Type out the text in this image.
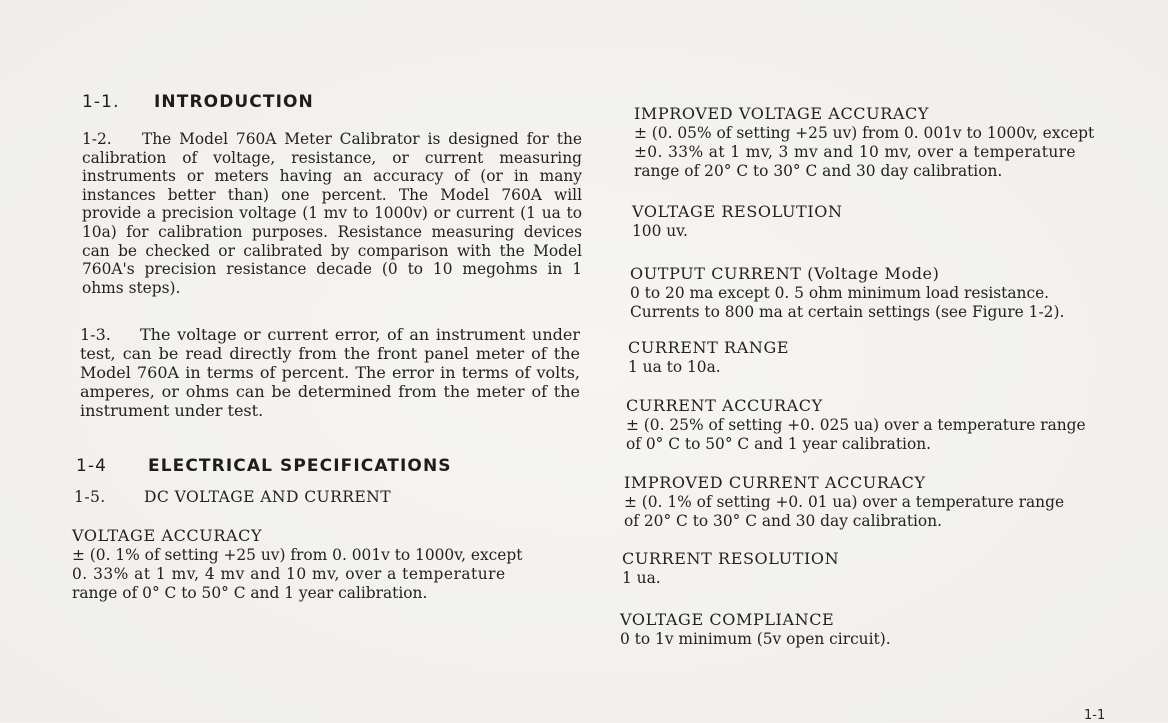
1-1. INTRODUCTION

1-2. The Model 760A Meter Calibrator is designed for the calibration of voltage, resistance, or current measuring instruments or meters having an accuracy of (or in many instances better than) one percent. The Model 760A will provide a precision voltage (1 mv to 1000v) or current (1 ua to 10a) for calibration purposes. Resistance measuring devices can be checked or calibrated by comparison with the Model 760A's precision resistance decade (0 to 10 megohms in 1 ohms steps).

1-3. The voltage or current error, of an instrument under test, can be read directly from the front panel meter of the Model 760A in terms of percent. The error in terms of volts, amperes, or ohms can be determined from the meter of the instrument under test.

1-4 ELECTRICAL SPECIFICATIONS
1-5. DC VOLTAGE AND CURRENT
VOLTAGE ACCURACY
± (0. 1% of setting +25 uv) from 0. 001v to 1000v, except
0. 33% at 1 mv, 4 mv and 10 mv, over a temperature
range of 0° C to 50° C and 1 year calibration.
IMPROVED VOLTAGE ACCURACY
± (0. 05% of setting +25 uv) from 0. 001v to 1000v, except
±0. 33% at 1 mv, 3 mv and 10 mv, over a temperature
range of 20° C to 30° C and 30 day calibration.
VOLTAGE RESOLUTION
100 uv.
OUTPUT CURRENT (Voltage Mode)
0 to 20 ma except 0. 5 ohm minimum load resistance.
Currents to 800 ma at certain settings (see Figure 1-2).
CURRENT RANGE
1 ua to 10a.
CURRENT ACCURACY
± (0. 25% of setting +0. 025 ua) over a temperature range
of 0° C to 50° C and 1 year calibration.
IMPROVED CURRENT ACCURACY
± (0. 1% of setting +0. 01 ua) over a temperature range
of 20° C to 30° C and 30 day calibration.
CURRENT RESOLUTION
1 ua.
VOLTAGE COMPLIANCE
0 to 1v minimum (5v open circuit).
1-1
